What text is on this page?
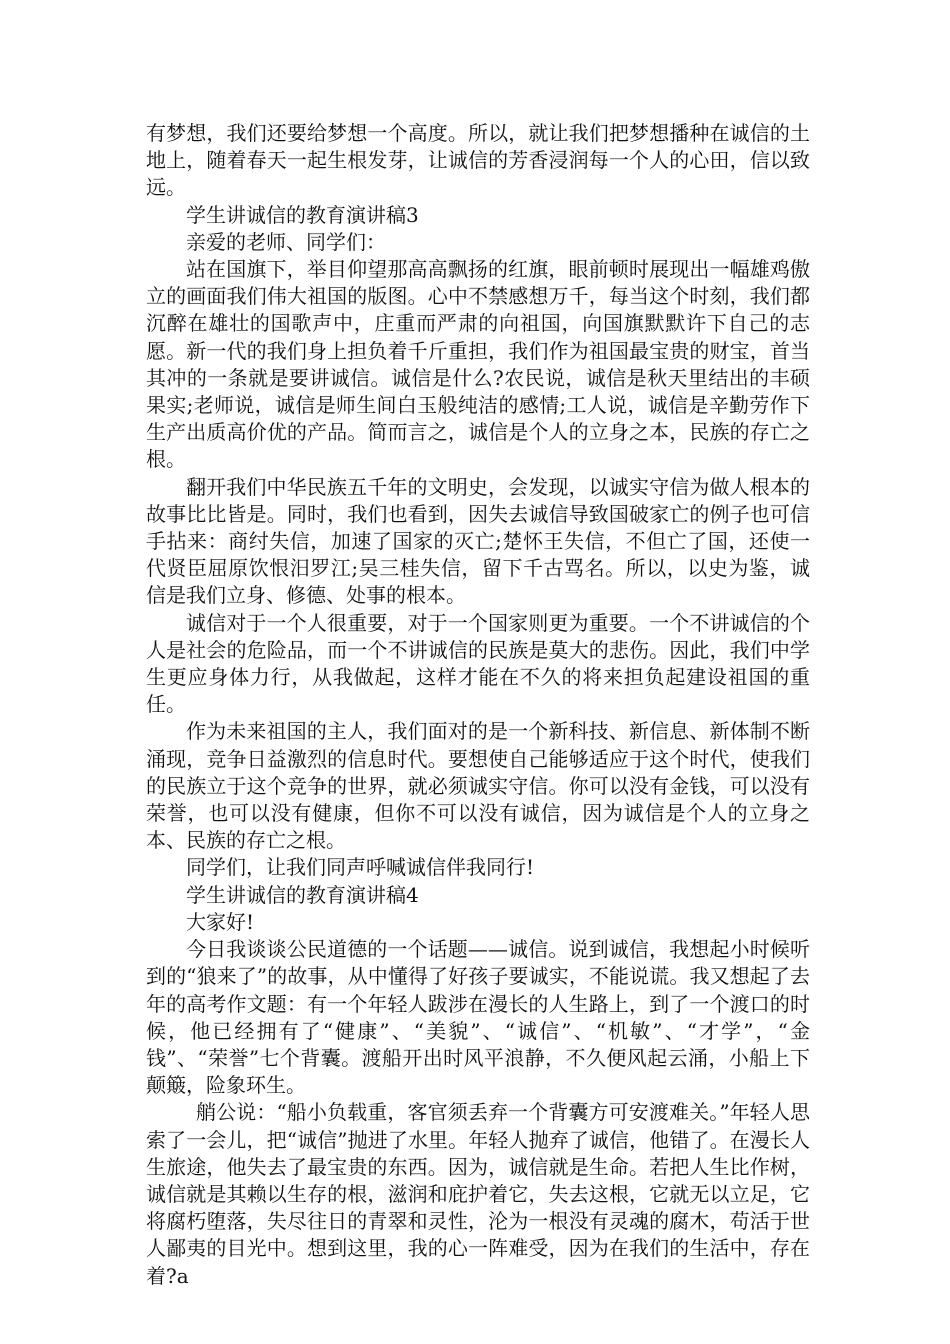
有梦想，我们还要给梦想一个高度。所以，就让我们把梦想播种在诚信的土地上，随着春天一起生根发芽，让诚信的芳香浸润每一个人的心田，信以致远。

学生讲诚信的教育演讲稿3

亲爱的老师、同学们：

站在国旗下，举目仰望那高高飘扬的红旗，眼前顿时展现出一幅雄鸡傲立的画面我们伟大祖国的版图。心中不禁感想万千，每当这个时刻，我们都沉醉在雄壮的国歌声中，庄重而严肃的向祖国，向国旗默默许下自己的志愿。新一代的我们身上担负着千斤重担，我们作为祖国最宝贵的财宝，首当其冲的一条就是要讲诚信。诚信是什么?农民说，诚信是秋天里结出的丰硕果实;老师说，诚信是师生间白玉般纯洁的感情;工人说，诚信是辛勤劳作下生产出质高价优的产品。简而言之，诚信是个人的立身之本，民族的存亡之根。

翻开我们中华民族五千年的文明史，会发现，以诚实守信为做人根本的故事比比皆是。同时，我们也看到，因失去诚信导致国破家亡的例子也可信手拈来：商纣失信，加速了国家的灭亡;楚怀王失信，不但亡了国，还使一代贤臣屈原饮恨汨罗江;吴三桂失信，留下千古骂名。所以，以史为鉴，诚信是我们立身、修德、处事的根本。

诚信对于一个人很重要，对于一个国家则更为重要。一个不讲诚信的个人是社会的危险品，而一个不讲诚信的民族是莫大的悲伤。因此，我们中学生更应身体力行，从我做起，这样才能在不久的将来担负起建设祖国的重任。

作为未来祖国的主人，我们面对的是一个新科技、新信息、新体制不断涌现，竞争日益激烈的信息时代。要想使自己能够适应于这个时代，使我们的民族立于这个竞争的世界，就必须诚实守信。你可以没有金钱，可以没有荣誉，也可以没有健康，但你不可以没有诚信，因为诚信是个人的立身之本、民族的存亡之根。

同学们，让我们同声呼喊诚信伴我同行!

学生讲诚信的教育演讲稿4

大家好!

今日我谈谈公民道德的一个话题——诚信。说到诚信，我想起小时候听到的“狼来了”的故事，从中懂得了好孩子要诚实，不能说谎。我又想起了去年的高考作文题：有一个年轻人跋涉在漫长的人生路上，到了一个渡口的时候，他已经拥有了“健康”、“美貌”、“诚信”、“机敏”、“才学”，“金钱”、“荣誉”七个背囊。渡船开出时风平浪静，不久便风起云涌，小船上下颠簸，险象环生。

艄公说：“船小负载重，客官须丢弃一个背囊方可安渡难关。”年轻人思索了一会儿，把“诚信”抛进了水里。年轻人抛弃了诚信，他错了。在漫长人生旅途，他失去了最宝贵的东西。因为，诚信就是生命。若把人生比作树，诚信就是其赖以生存的根，滋润和庇护着它，失去这根，它就无以立足，它将腐朽堕落，失尽往日的青翠和灵性，沦为一根没有灵魂的腐木，苟活于世人鄙夷的目光中。想到这里，我的心一阵难受，因为在我们的生活中，存在着?a
